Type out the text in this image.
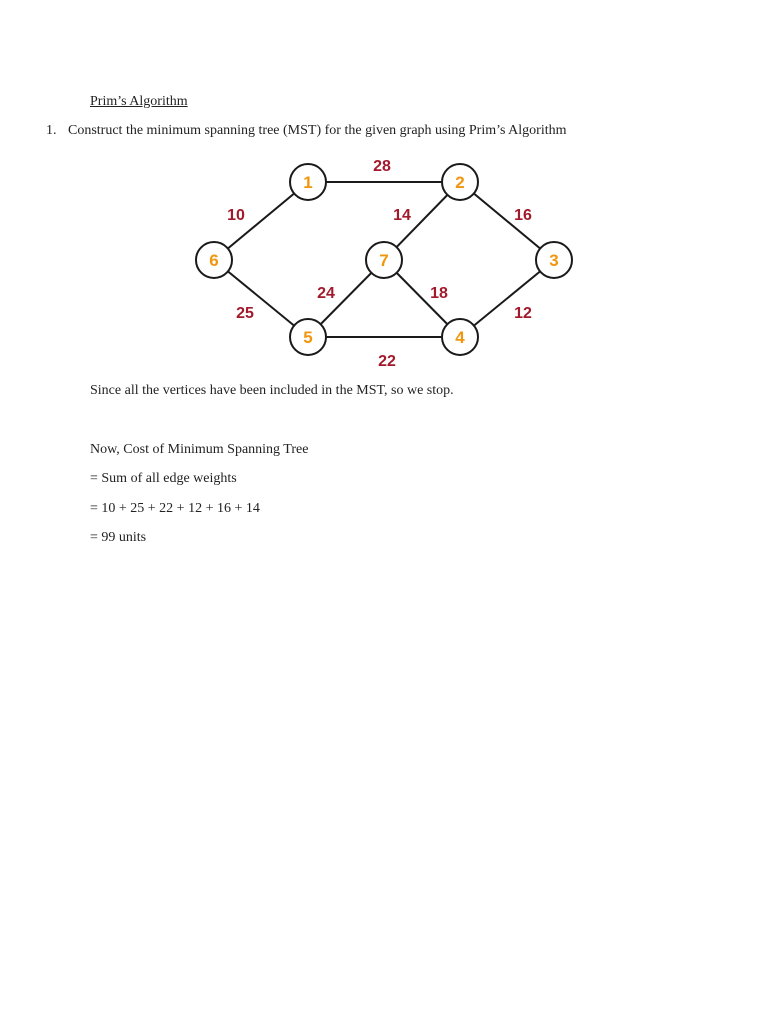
Prim’s Algorithm
1. Construct the minimum spanning tree (MST) for the given graph using Prim’s Algorithm
28
10	14	16
25
24	18
12
22
1	2
3
4
5
6	7
Since all the vertices have been included in the MST, so we stop.
Now, Cost of Minimum Spanning Tree
= Sum of all edge weights
= 10 + 25 + 22 + 12 + 16 + 14
= 99 units
